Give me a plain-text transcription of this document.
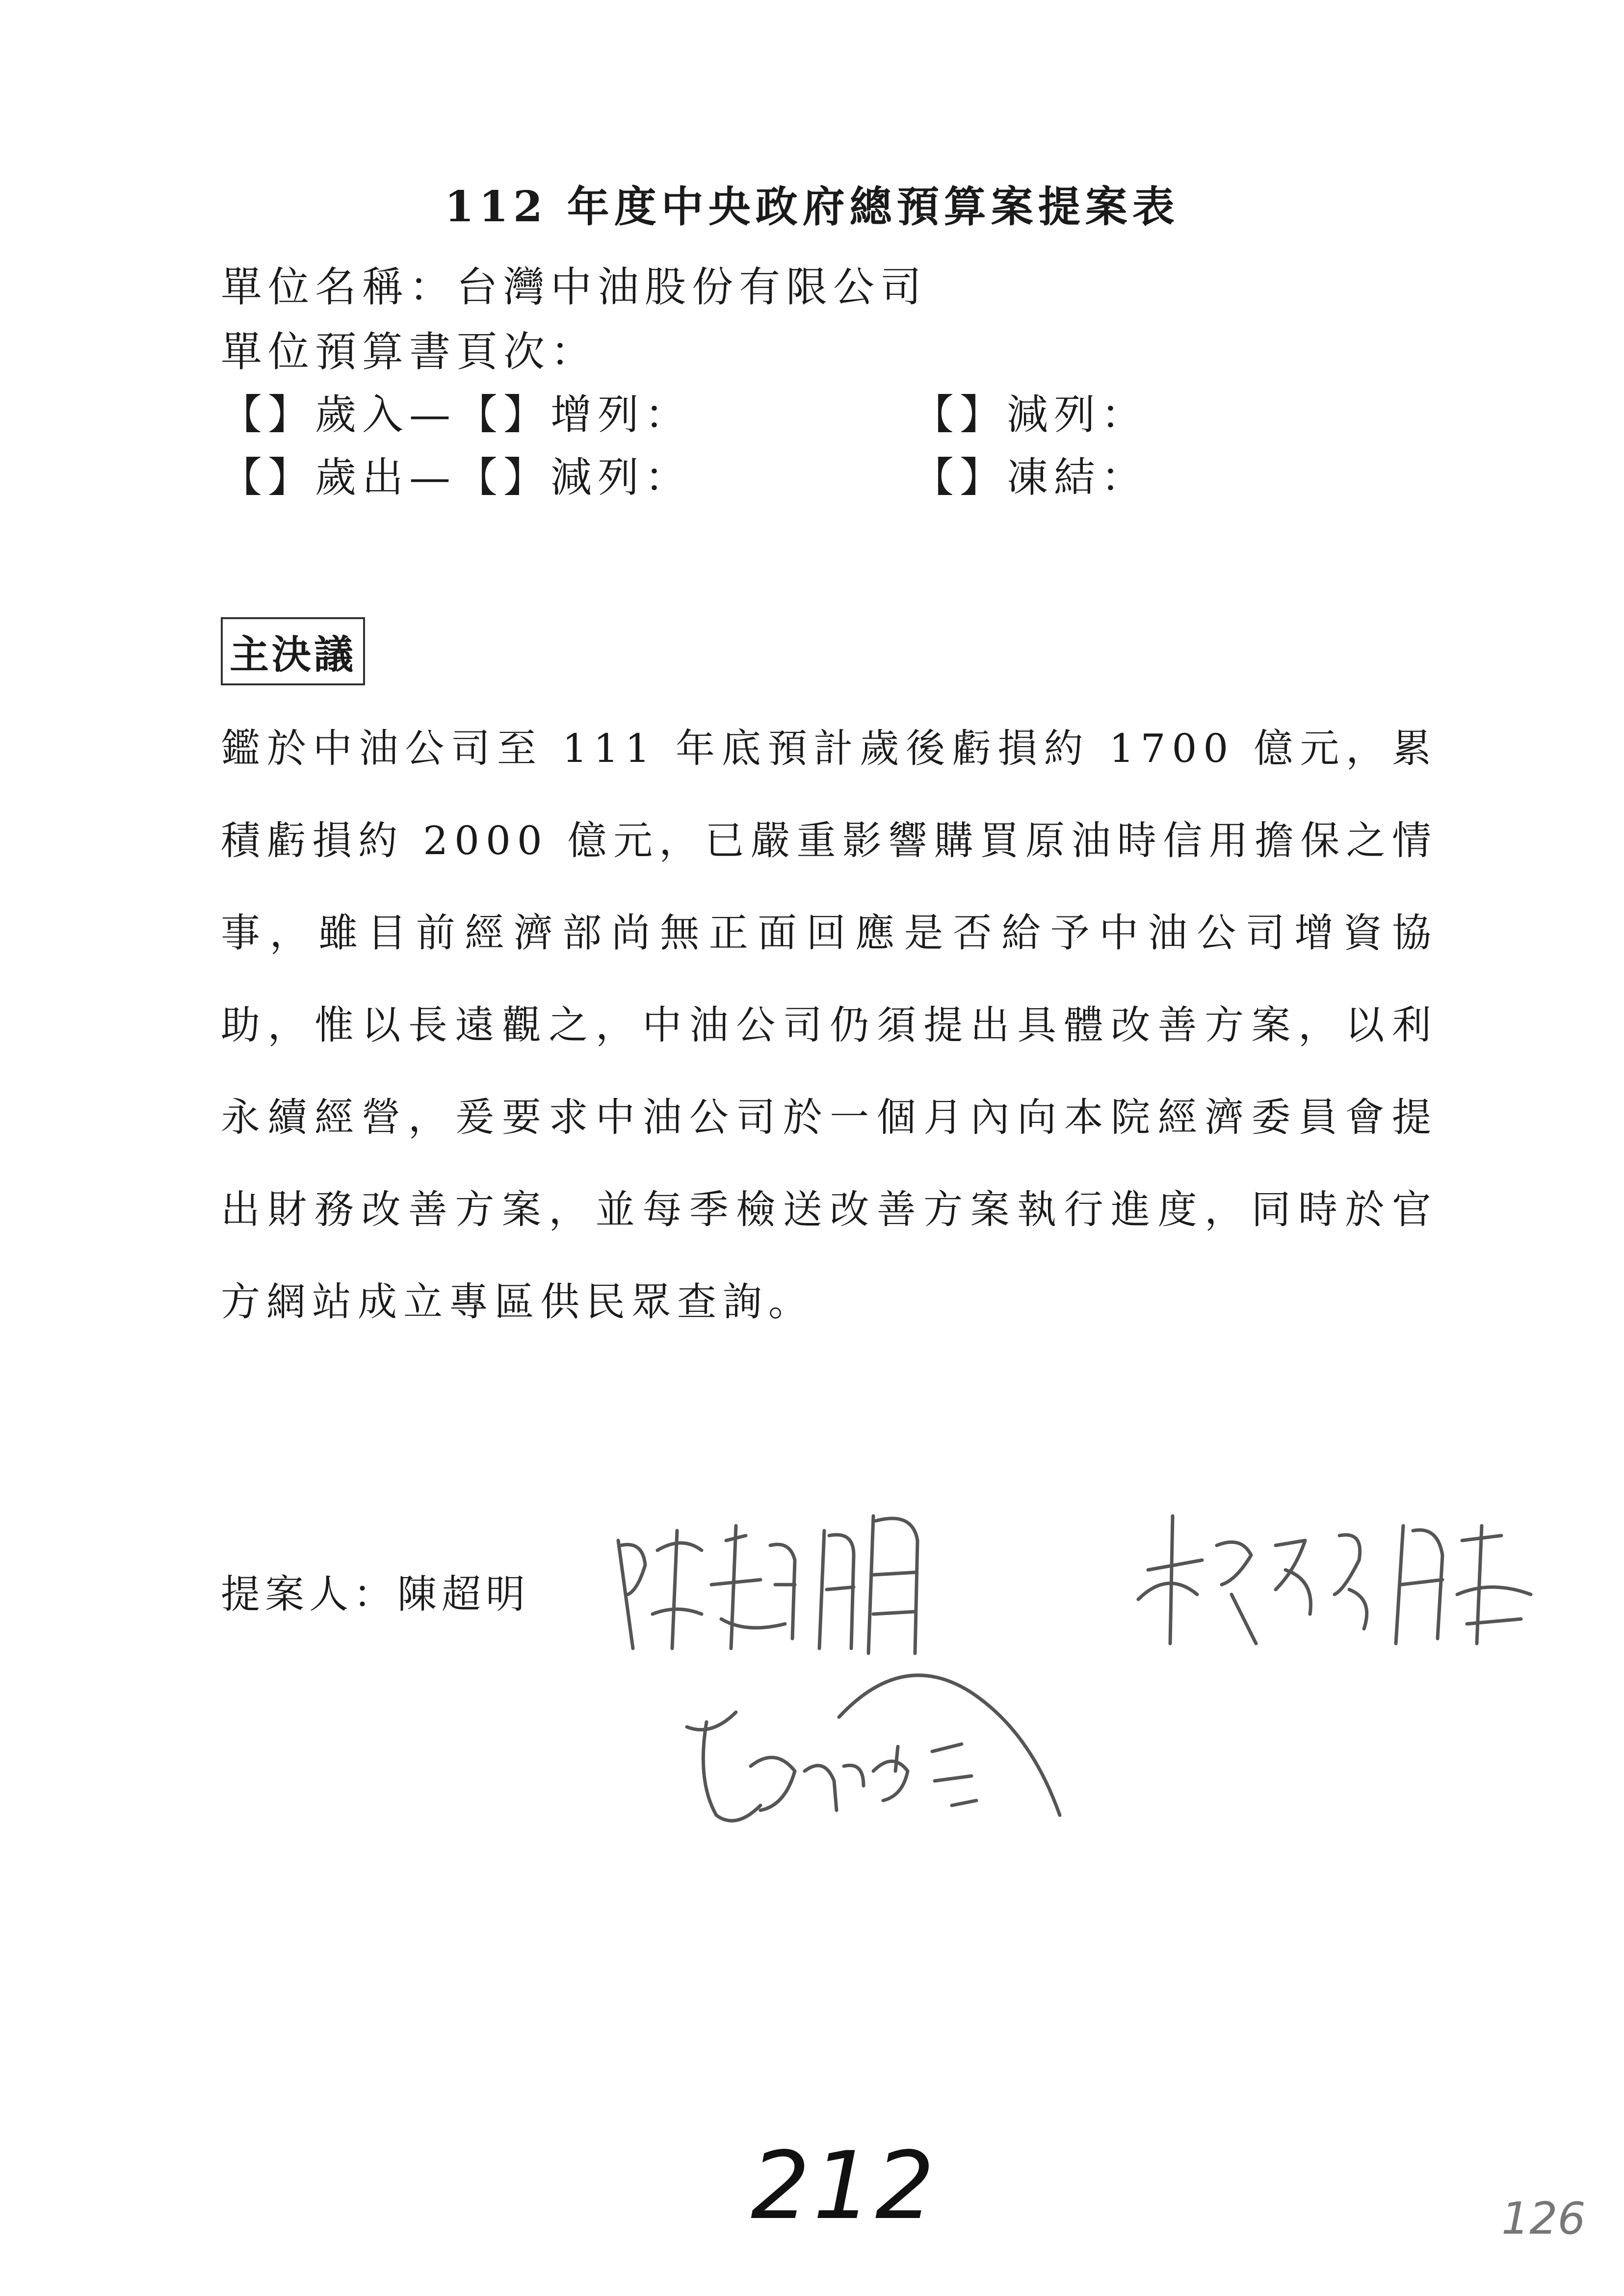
112 年度中央政府總預算案提案表
單位名稱：台灣中油股份有限公司
單位預算書頁次：
【】歲入—【】增列：	【】減列：
【】歲出—【】減列：	【】凍結：
主決議
鑑於中油公司至 111 年底預計歲後虧損約 1700 億元，累積虧損約 2000 億元，已嚴重影響購買原油時信用擔保之情事，雖目前經濟部尚無正面回應是否給予中油公司增資協助，惟以長遠觀之，中油公司仍須提出具體改善方案，以利永續經營，爰要求中油公司於一個月內向本院經濟委員會提出財務改善方案，並每季檢送改善方案執行進度，同時於官方網站成立專區供民眾查詢。
提案人：陳超明
212	126
